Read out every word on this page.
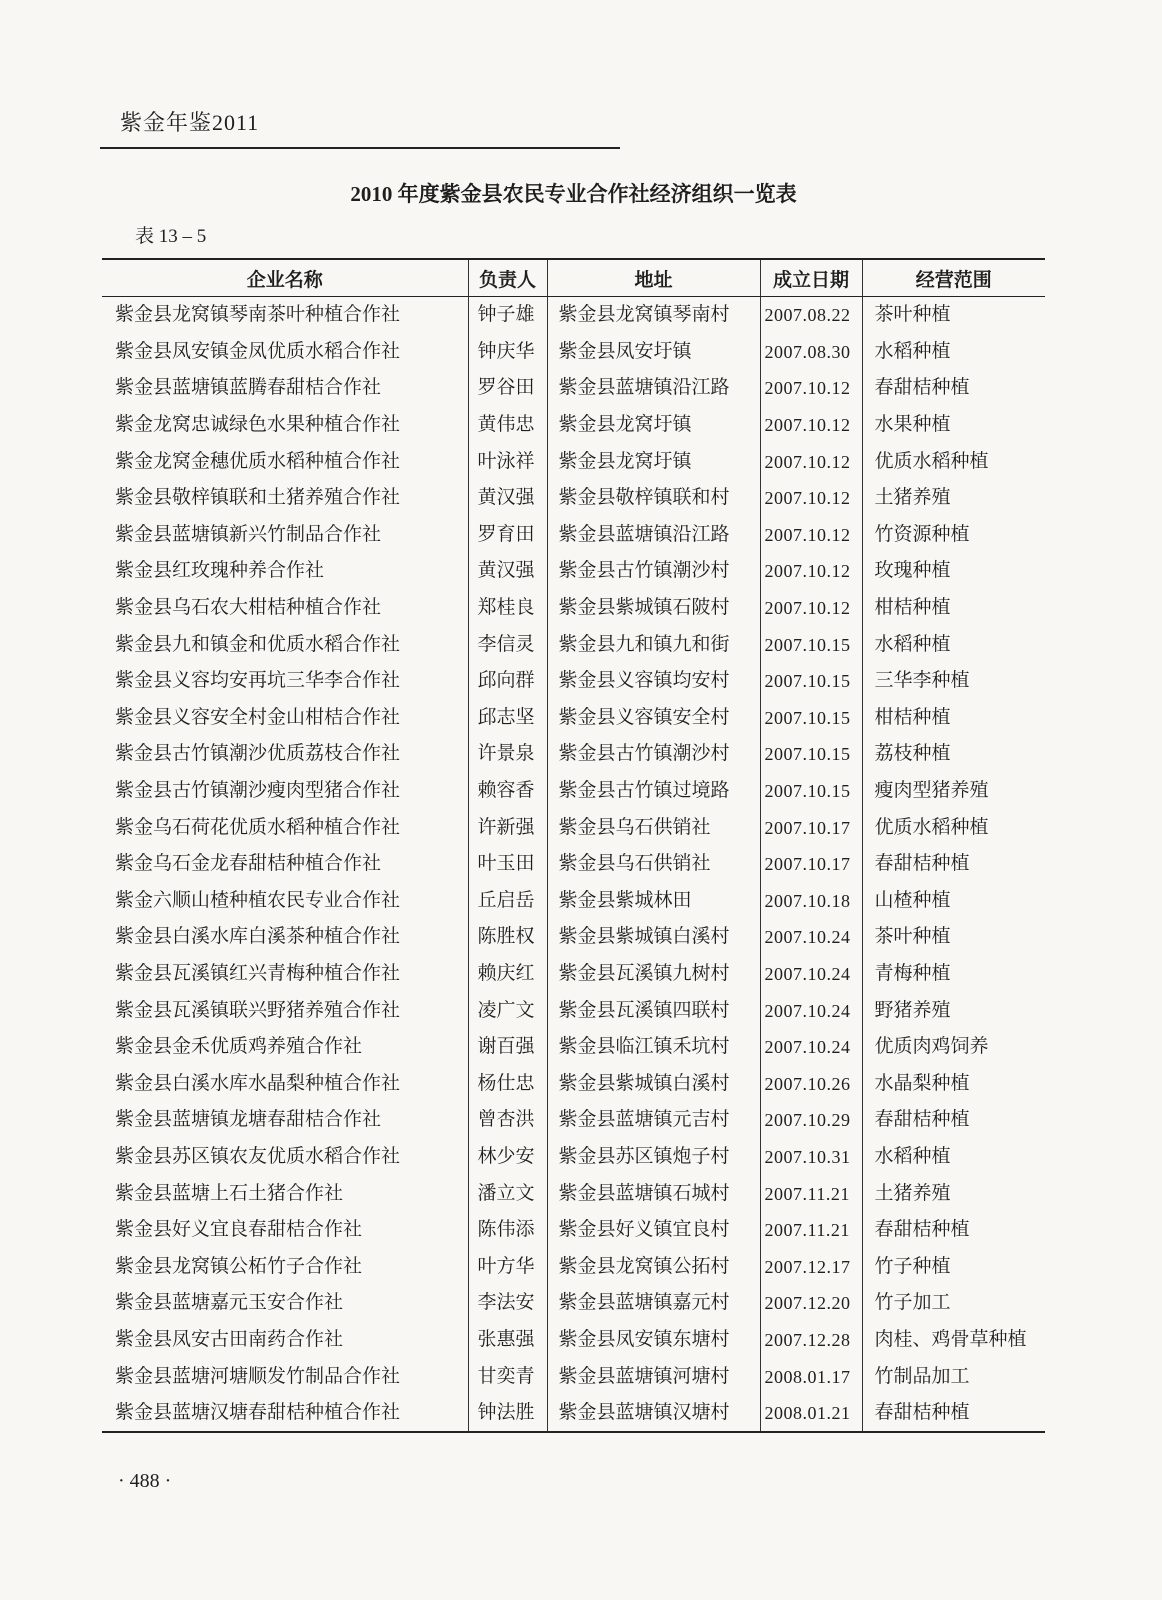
紫金年鉴2011
2010 年度紫金县农民专业合作社经济组织一览表
表 13 – 5
企业名称	负责人	地址	成立日期	经营范围
紫金县龙窝镇琴南茶叶种植合作社	钟子雄	紫金县龙窝镇琴南村	2007.08.22	茶叶种植
紫金县凤安镇金凤优质水稻合作社	钟庆华	紫金县凤安圩镇	2007.08.30	水稻种植
紫金县蓝塘镇蓝腾春甜桔合作社	罗谷田	紫金县蓝塘镇沿江路	2007.10.12	春甜桔种植
紫金龙窝忠诚绿色水果种植合作社	黄伟忠	紫金县龙窝圩镇	2007.10.12	水果种植
紫金龙窝金穗优质水稻种植合作社	叶泳祥	紫金县龙窝圩镇	2007.10.12	优质水稻种植
紫金县敬梓镇联和土猪养殖合作社	黄汉强	紫金县敬梓镇联和村	2007.10.12	土猪养殖
紫金县蓝塘镇新兴竹制品合作社	罗育田	紫金县蓝塘镇沿江路	2007.10.12	竹资源种植
紫金县红玫瑰种养合作社	黄汉强	紫金县古竹镇潮沙村	2007.10.12	玫瑰种植
紫金县乌石农大柑桔种植合作社	郑桂良	紫金县紫城镇石陂村	2007.10.12	柑桔种植
紫金县九和镇金和优质水稻合作社	李信灵	紫金县九和镇九和街	2007.10.15	水稻种植
紫金县义容均安再坑三华李合作社	邱向群	紫金县义容镇均安村	2007.10.15	三华李种植
紫金县义容安全村金山柑桔合作社	邱志坚	紫金县义容镇安全村	2007.10.15	柑桔种植
紫金县古竹镇潮沙优质荔枝合作社	许景泉	紫金县古竹镇潮沙村	2007.10.15	荔枝种植
紫金县古竹镇潮沙瘦肉型猪合作社	赖容香	紫金县古竹镇过境路	2007.10.15	瘦肉型猪养殖
紫金乌石荷花优质水稻种植合作社	许新强	紫金县乌石供销社	2007.10.17	优质水稻种植
紫金乌石金龙春甜桔种植合作社	叶玉田	紫金县乌石供销社	2007.10.17	春甜桔种植
紫金六顺山楂种植农民专业合作社	丘启岳	紫金县紫城林田	2007.10.18	山楂种植
紫金县白溪水库白溪茶种植合作社	陈胜权	紫金县紫城镇白溪村	2007.10.24	茶叶种植
紫金县瓦溪镇红兴青梅种植合作社	赖庆红	紫金县瓦溪镇九树村	2007.10.24	青梅种植
紫金县瓦溪镇联兴野猪养殖合作社	凌广文	紫金县瓦溪镇四联村	2007.10.24	野猪养殖
紫金县金禾优质鸡养殖合作社	谢百强	紫金县临江镇禾坑村	2007.10.24	优质肉鸡饲养
紫金县白溪水库水晶梨种植合作社	杨仕忠	紫金县紫城镇白溪村	2007.10.26	水晶梨种植
紫金县蓝塘镇龙塘春甜桔合作社	曾杏洪	紫金县蓝塘镇元吉村	2007.10.29	春甜桔种植
紫金县苏区镇农友优质水稻合作社	林少安	紫金县苏区镇炮子村	2007.10.31	水稻种植
紫金县蓝塘上石土猪合作社	潘立文	紫金县蓝塘镇石城村	2007.11.21	土猪养殖
紫金县好义宜良春甜桔合作社	陈伟添	紫金县好义镇宜良村	2007.11.21	春甜桔种植
紫金县龙窝镇公柘竹子合作社	叶方华	紫金县龙窝镇公拓村	2007.12.17	竹子种植
紫金县蓝塘嘉元玉安合作社	李法安	紫金县蓝塘镇嘉元村	2007.12.20	竹子加工
紫金县凤安古田南药合作社	张惠强	紫金县凤安镇东塘村	2007.12.28	肉桂、鸡骨草种植
紫金县蓝塘河塘顺发竹制品合作社	甘奕青	紫金县蓝塘镇河塘村	2008.01.17	竹制品加工
紫金县蓝塘汉塘春甜桔种植合作社	钟法胜	紫金县蓝塘镇汉塘村	2008.01.21	春甜桔种植
· 488 ·
